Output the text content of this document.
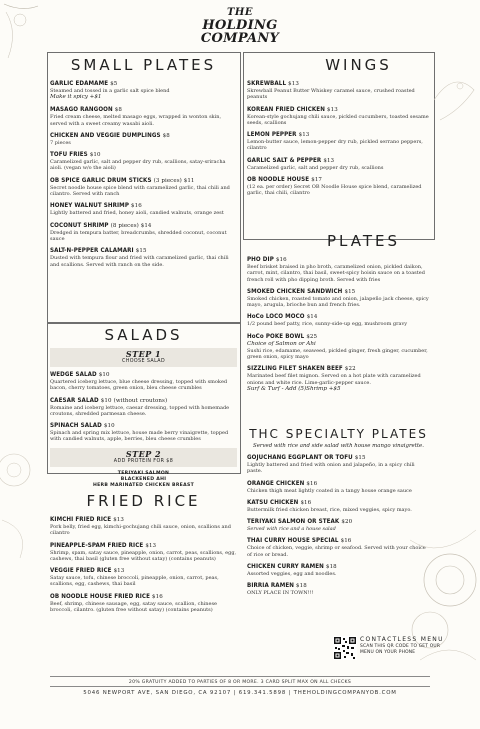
THE
HOLDING
COMPANY

SMALL PLATES

GARLIC EDAMAME $5
Steamed and tossed in a garlic salt spice blend
Make it spicy +$1
MASAGO RANGOON $8
Fried cream cheese, melted masago eggs, wrapped in wonton skin, served with a sweet creamy wasabi aioli.
CHICKEN AND VEGGIE DUMPLINGS $8
7 pieces
TOFU FRIES $10
Caramelized garlic, salt and pepper dry rub, scallions, satay-sriracha aioli. (vegan w/o the aioli)
OB SPICE GARLIC DRUM STICKS (3 pieces) $11
Secret noodle house spice blend with caramelized garlic, thai chili and cilantro. Served with ranch
HONEY WALNUT SHRIMP $16
Lightly battered and fried, honey aioli, candied walnuts, orange zest
COCONUT SHRIMP (8 pieces) $14
Dredged in tempura batter, breadcrumbs, shredded coconut, coconut sauce
SALT-N-PEPPER CALAMARI $15
Dusted with tempura flour and fried with caramelized garlic, thai chili and scallions. Served with ranch on the side.

SALADS

STEP 1
CHOOSE SALAD
WEDGE SALAD $10
Quartered iceberg lettuce, blue cheese dressing, topped with smoked bacon, cherry tomatoes, green onion, bleu cheese crumbles
CAESAR SALAD $10 (without croutons)
Romaine and iceberg lettuce, caesar dressing, topped with homemade croutons, shredded parmesan cheese.
SPINACH SALAD $10
Spinach and spring mix lettuce, house made berry vinaigrette, topped with candied walnuts, apple, berries, bleu cheese crumbles
STEP 2
ADD PROTEIN FOR $8
TERIYAKI SALMON
BLACKENED AHI
HERB MARINATED CHICKEN BREAST

FRIED RICE

KIMCHI FRIED RICE $13
Pork belly, fried egg, kimchi-gochujang chili sauce, onion, scallions and cilantro
PINEAPPLE-SPAM FRIED RICE $13
Shrimp, spam, satay sauce, pineapple, onion, carrot, peas, scallions, egg, cashews, thai basil (gluten free without satay) (contains peanuts)
VEGGIE FRIED RICE $13
Satay sauce, tofu, chinese broccoli, pineapple, onion, carrot, peas, scallions, egg, cashews, thai basil
OB NOODLE HOUSE FRIED RICE $16
Beef, shrimp, chinese sausage, egg, satay sauce, scallion, chinese broccoli, cilantro. (gluten free without satay) (contains peanuts)

WINGS

SKREWBALL $13
Skrewball Peanut Butter Whiskey caramel sauce, crushed roasted peanuts
KOREAN FRIED CHICKEN $13
Korean-style gochujang chili sauce, pickled cucumbers, toasted sesame seeds, scallions
LEMON PEPPER $13
Lemon-butter sauce, lemon-pepper dry rub, pickled serrano peppers, cilantro
GARLIC SALT & PEPPER $13
Caramelized garlic, salt and pepper dry rub, scallions
OB NOODLE HOUSE $17
(12 ea. per order) Secret OB Noodle House spice blend, caramelized garlic, thai chili, cilantro

PLATES

PHO DIP $16
Beef brisket braised in pho broth, caramelized onion, pickled daikon, carrot, mint, cilantro, thai basil, sweet-spicy hoisin sauce on a toasted french roll with pho dipping broth. Served with fries
SMOKED CHICKEN SANDWICH $15
Smoked chicken, roasted tomato and onion, jalapeño jack cheese, spicy mayo, arugula, brioche bun and french fries.
HoCo LOCO MOCO $14
1/2 pound beef patty, rice, sunny-side-up egg, mushroom gravy
HoCo POKE BOWL $25
Choice of Salmon or Ahi
Sushi rice, edamame, seaweed, pickled ginger, fresh ginger, cucumber, green onion, spicy mayo
SIZZLING FILET SHAKEN BEEF $22
Marinated beef filet mignon. Served on a hot plate with caramelized onions and white rice. Lime-garlic-pepper sauce.
Surf & Turf - Add (5)Shrimp +$5

THC SPECIALTY PLATES

Served with rice and side salad with house mango vinaigrette.

GOJUCHANG EGGPLANT OR TOFU $15
Lightly battered and fried with onion and jalapeño, in a spicy chili paste.
ORANGE CHICKEN $16
Chicken thigh meat lightly coated in a tangy house orange sauce
KATSU CHICKEN $16
Buttermilk fried chicken breast, rice, mixed veggies, spicy mayo.
TERIYAKI SALMON OR STEAK $20
Served with rice and a house salad
THAI CURRY HOUSE SPECIAL $16
Choice of chicken, veggie, shrimp or seafood. Served with your choice of rice or bread.
CHICKEN CURRY RAMEN $18
Assorted veggies, egg and noodles.
BIRRIA RAMEN $18
ONLY PLACE IN TOWN!!!
CONTACTLESS MENU
SCAN THIS QR CODE TO GET OUR MENU ON YOUR PHONE
20% GRATUITY ADDED TO PARTIES OF 8 OR MORE. 3 CARD SPLIT MAX ON ALL CHECKS
5046 NEWPORT AVE, SAN DIEGO, CA 92107 | 619.341.5898 | THEHOLDINGCOMPANYOB.COM
